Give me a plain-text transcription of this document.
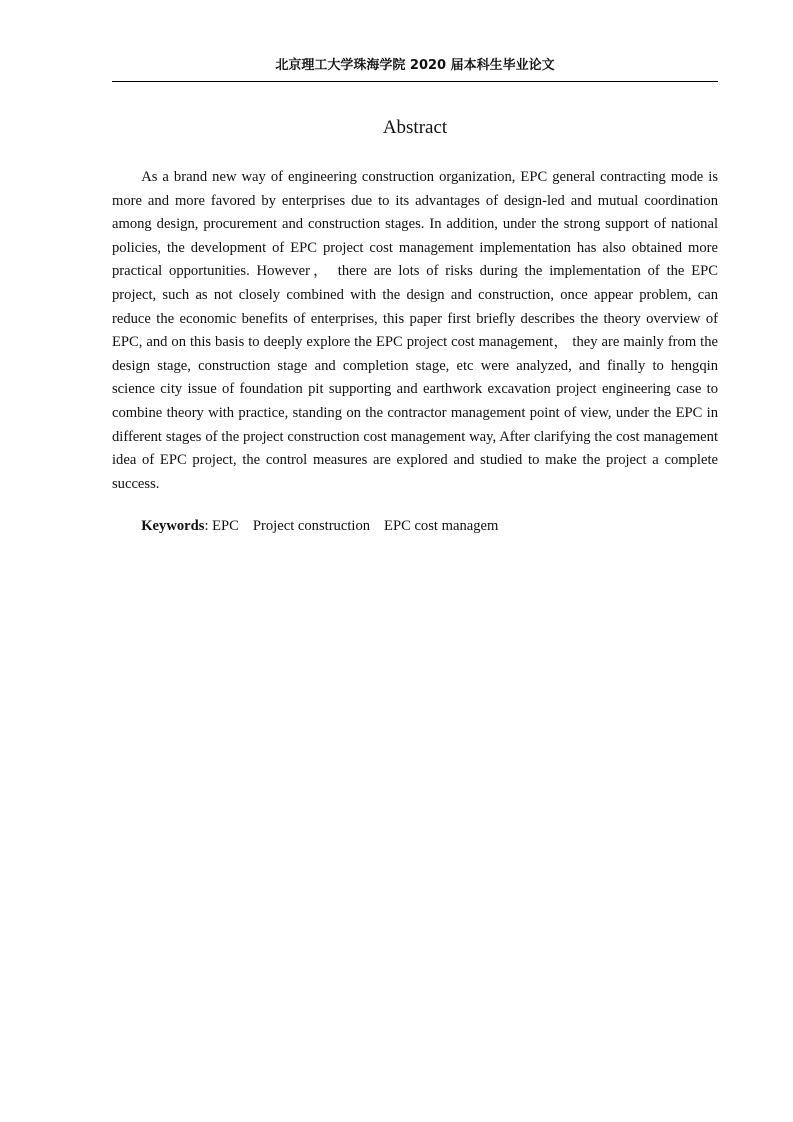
北京理工大学珠海学院 2020 届本科生毕业论文
Abstract

As a brand new way of engineering construction organization, EPC general contracting mode is more and more favored by enterprises due to its advantages of design-led and mutual coordination among design, procurement and construction stages. In addition, under the strong support of national policies, the development of EPC project cost management implementation has also obtained more practical opportunities. However， there are lots of risks during the implementation of the EPC project, such as not closely combined with the design and construction, once appear problem, can reduce the economic benefits of enterprises, this paper first briefly describes the theory overview of EPC, and on this basis to deeply explore the EPC project cost management， they are mainly from the design stage, construction stage and completion stage, etc were analyzed, and finally to hengqin science city issue of foundation pit supporting and earthwork excavation project engineering case to combine theory with practice, standing on the contractor management point of view, under the EPC in different stages of the project construction cost management way, After clarifying the cost management idea of EPC project, the control measures are explored and studied to make the project a complete success.

Keywords: EPC Project construction EPC cost managem
